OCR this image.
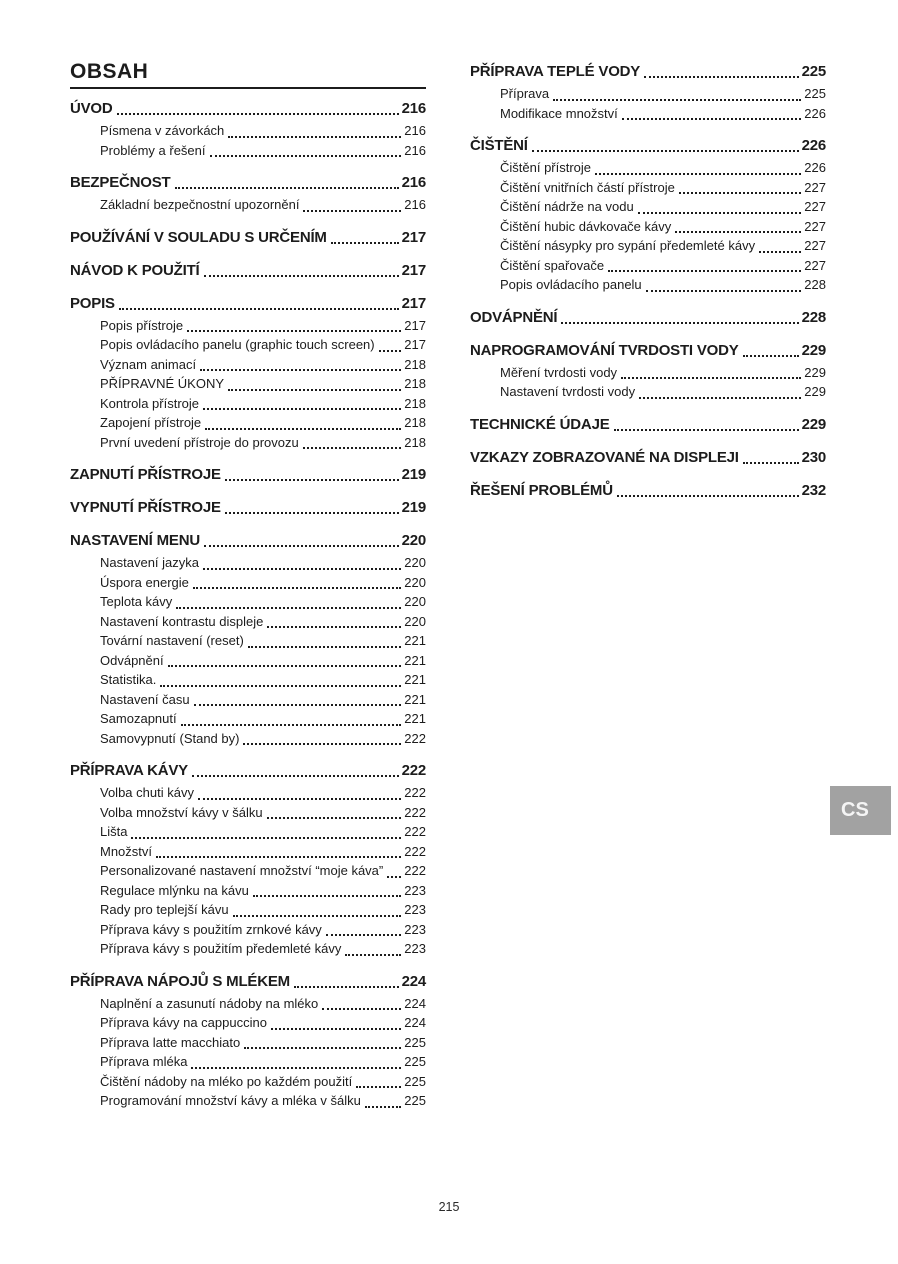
OBSAH
ÚVOD	216
Písmena v závorkách	216
Problémy a řešení	216
BEZPEČNOST	216
Základní bezpečnostní upozornění	216
POUŽÍVÁNÍ V SOULADU S URČENÍM	217
NÁVOD K POUŽITÍ	217
POPIS	217
Popis přístroje	217
Popis ovládacího panelu (graphic touch screen) 217
Význam animací	218
PŘÍPRAVNÉ ÚKONY	218
Kontrola přístroje	218
Zapojení přístroje	218
První uvedení přístroje do provozu	218
ZAPNUTÍ PŘÍSTROJE	219
VYPNUTÍ PŘÍSTROJE	219
NASTAVENÍ MENU	220
Nastavení jazyka	220
Úspora energie	220
Teplota kávy	220
Nastavení kontrastu displeje	220
Tovární nastavení (reset)	221
Odvápnění	221
Statistika.	221
Nastavení času	221
Samozapnutí	221
Samovypnutí (Stand by)	222
PŘÍPRAVA KÁVY	222
Volba chuti kávy	222
Volba množství kávy v šálku	222
Lišta	222
Množství	222
Personalizované nastavení množství “moje káva” 222
Regulace mlýnku na kávu	223
Rady pro teplejší kávu	223
Příprava kávy s použitím zrnkové kávy	223
Příprava kávy s použitím předemleté kávy	223
PŘÍPRAVA NÁPOJŮ S MLÉKEM	224
Naplnění a zasunutí nádoby na mléko	224
Příprava kávy na cappuccino	224
Příprava latte macchiato	225
Příprava mléka	225
Čištění nádoby na mléko po každém použití	225
Programování množství kávy a mléka v šálku	225
PŘÍPRAVA TEPLÉ VODY	225
Příprava	225
Modifikace množství	226
ČIŠTĚNÍ	226
Čištění přístroje	226
Čištění vnitřních částí přístroje	227
Čištění nádrže na vodu	227
Čištění hubic dávkovače kávy	227
Čištění násypky pro sypání předemleté kávy	227
Čištění spařovače	227
Popis ovládacího panelu	228
ODVÁPNĚNÍ	228
NAPROGRAMOVÁNÍ TVRDOSTI VODY	229
Měření tvrdosti vody	229
Nastavení tvrdosti vody	229
TECHNICKÉ ÚDAJE	229
VZKAZY ZOBRAZOVANÉ NA DISPLEJI	230
ŘEŠENÍ PROBLÉMŮ	232
CS
215
